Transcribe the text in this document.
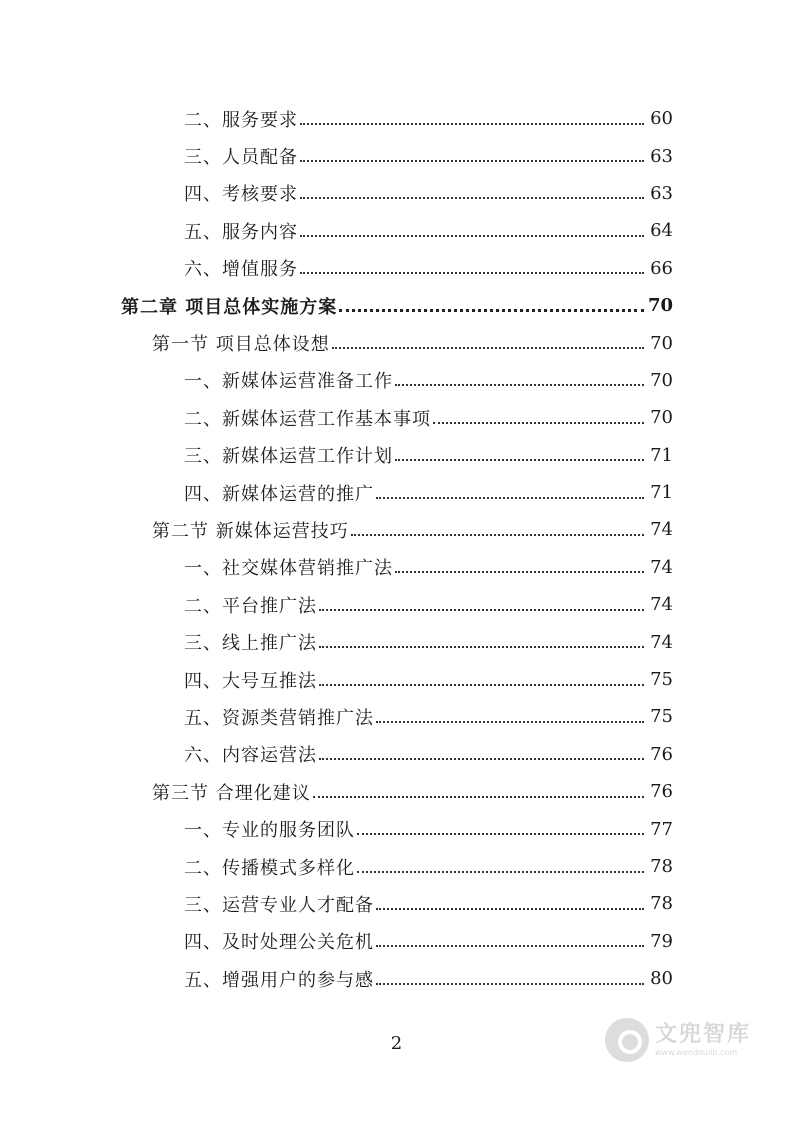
二、服务要求	60
三、人员配备	63
四、考核要求	63
五、服务内容	64
六、增值服务	66
第二章 项目总体实施方案	70
第一节 项目总体设想	70
一、新媒体运营准备工作	70
二、新媒体运营工作基本事项	70
三、新媒体运营工作计划	71
四、新媒体运营的推广	71
第二节 新媒体运营技巧	74
一、社交媒体营销推广法	74
二、平台推广法	74
三、线上推广法	74
四、大号互推法	75
五、资源类营销推广法	75
六、内容运营法	76
第三节 合理化建议	76
一、专业的服务团队	77
二、传播模式多样化	78
三、运营专业人才配备	78
四、及时处理公关危机	79
五、增强用户的参与感	80
2	文兜智库
www.wendoulib.com
